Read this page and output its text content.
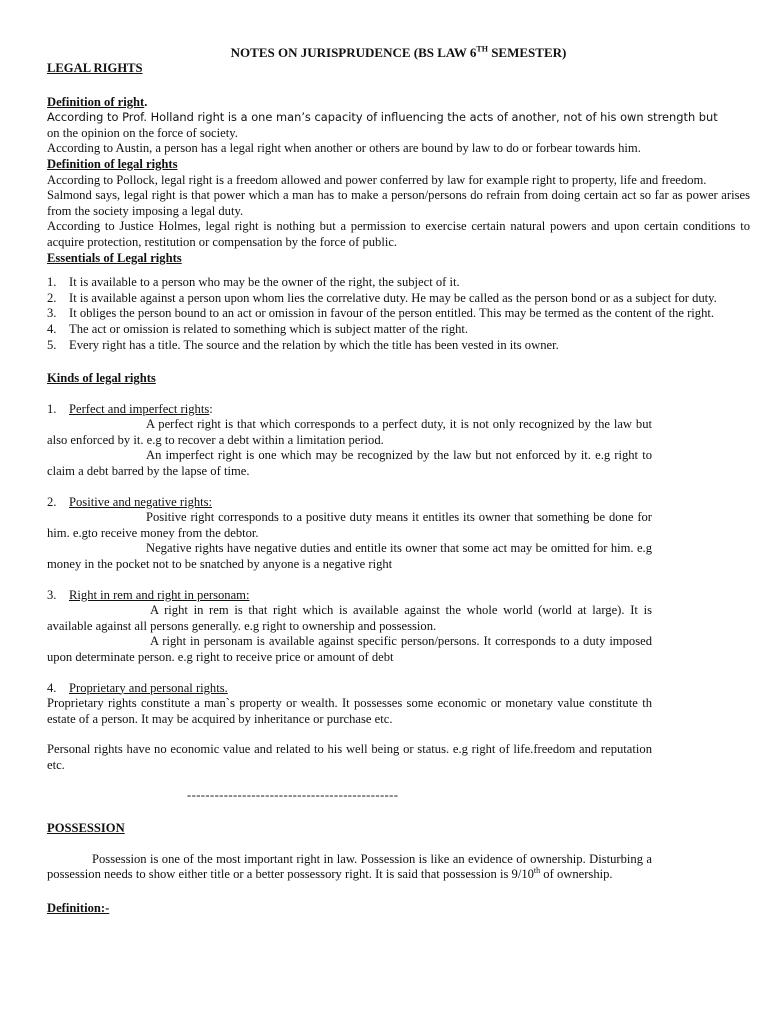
NOTES ON JURISPRUDENCE (BS LAW 6TH SEMESTER)

LEGAL RIGHTS

Definition of right.

According to Prof. Holland right is a one man’s capacity of influencing the acts of another, not of his own strength but
on the opinion on the force of society.

According to Austin, a person has a legal right when another or others are bound by law to do or forbear towards him.

Definition of legal rights

According to Pollock, legal right is a freedom allowed and power conferred by law for example right to property, life and freedom.

Salmond says, legal right is that power which a man has to make a person/persons do refrain from doing certain act so far as power arises from the society imposing a legal duty.

According to Justice Holmes, legal right is nothing but a permission to exercise certain natural powers and upon certain conditions to acquire protection, restitution or compensation by the force of public.

Essentials of Legal rights

1. It is available to a person who may be the owner of the right, the subject of it.
2. It is available against a person upon whom lies the correlative duty. He may be called as the person bond or as a subject for duty.
3. It obliges the person bound to an act or omission in favour of the person entitled. This may be termed as the content of the right.
4. The act or omission is related to something which is subject matter of the right.
5. Every right has a title. The source and the relation by which the title has been vested in its owner.

Kinds of legal rights

1. Perfect and imperfect rights:

A perfect right is that which corresponds to a perfect duty, it is not only recognized by the law but also enforced by it. e.g to recover a debt within a limitation period.

An imperfect right is one which may be recognized by the law but not enforced by it. e.g right to claim a debt barred by the lapse of time.

2. Positive and negative rights:

Positive right corresponds to a positive duty means it entitles its owner that something be done for him. e.gto receive money from the debtor.

Negative rights have negative duties and entitle its owner that some act may be omitted for him. e.g money in the pocket not to be snatched by anyone is a negative right

3. Right in rem and right in personam:

A right in rem is that right which is available against the whole world (world at large). It is available against all persons generally. e.g right to ownership and possession.

A right in personam is available against specific person/persons. It corresponds to a duty imposed upon determinate person. e.g right to receive price or amount of debt

4. Proprietary and personal rights.

Proprietary rights constitute a man`s property or wealth. It possesses some economic or monetary value constitute th estate of a person. It may be acquired by inheritance or purchase etc.

Personal rights have no economic value and related to his well being or status. e.g right of life.freedom and reputation etc.

----------------------------------------------

POSSESSION

Possession is one of the most important right in law. Possession is like an evidence of ownership. Disturbing a possession needs to show either title or a better possessory right. It is said that possession is 9/10th of ownership.

Definition:-
